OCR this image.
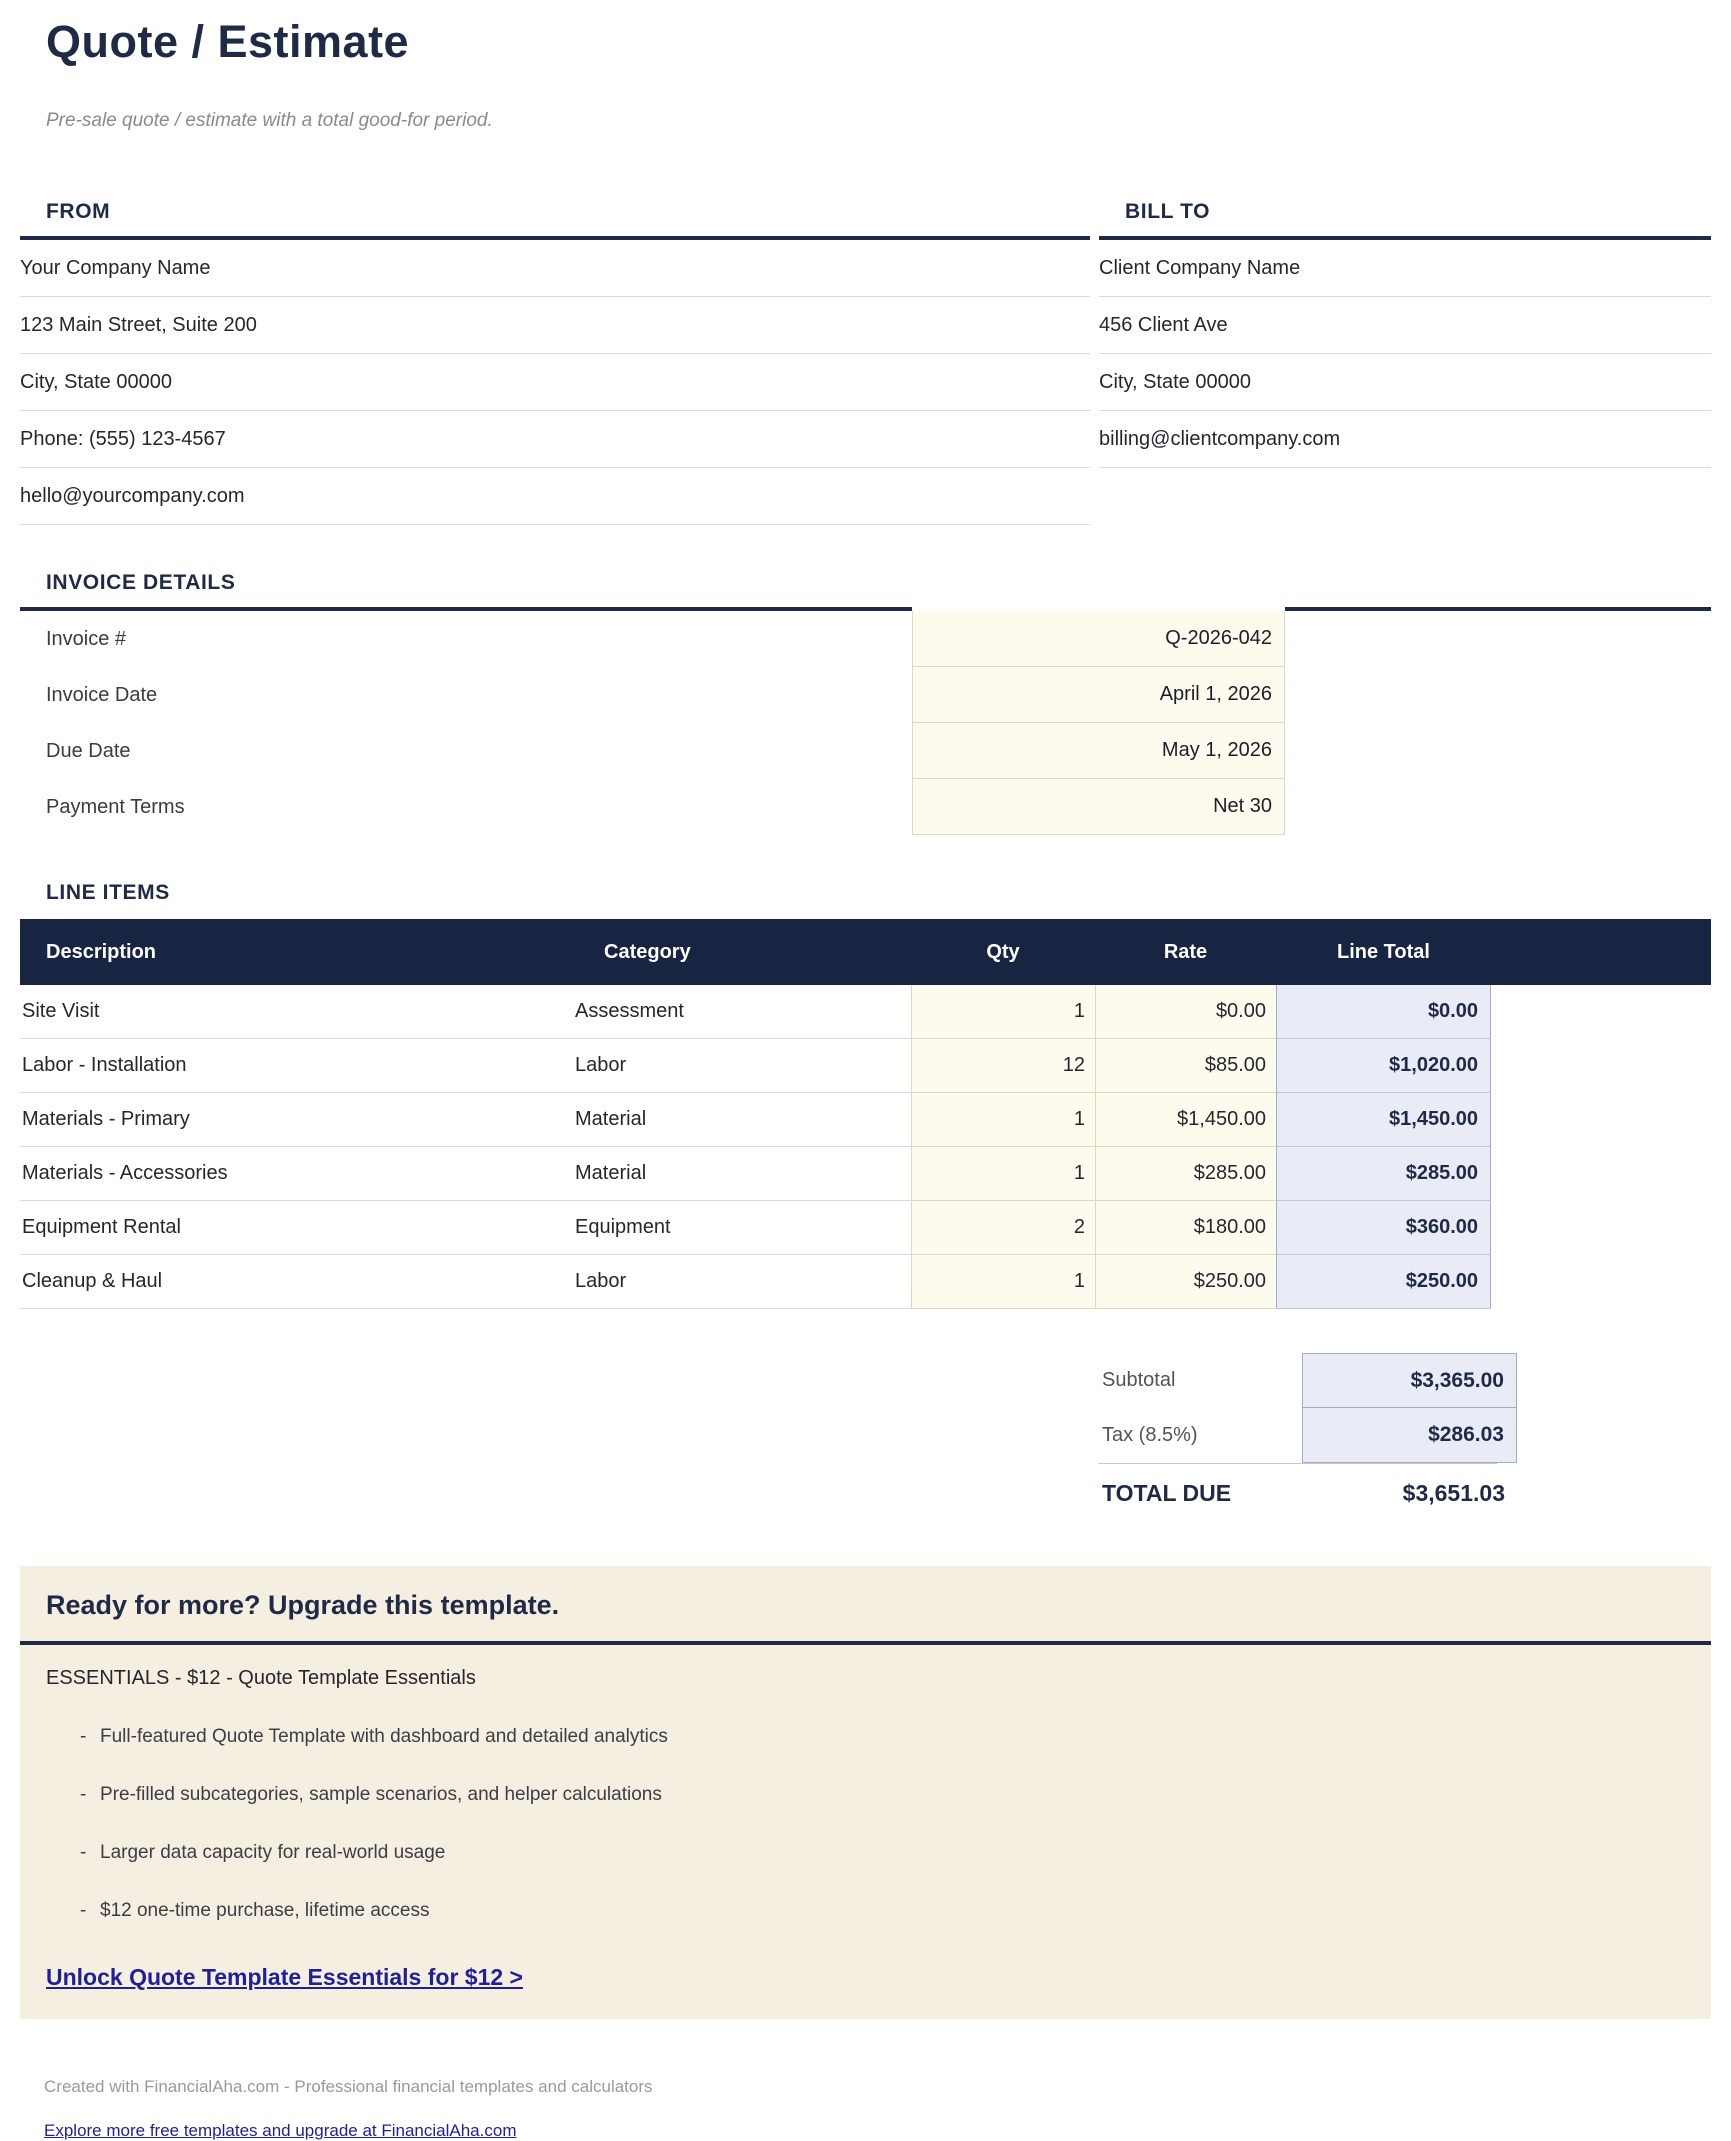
Quote / Estimate
Pre-sale quote / estimate with a total good-for period.
FROM
Your Company Name
123 Main Street, Suite 200
City, State 00000
Phone: (555) 123-4567
hello@yourcompany.com
BILL TO
Client Company Name
456 Client Ave
City, State 00000
billing@clientcompany.com
INVOICE DETAILS
Invoice #	Q-2026-042
Invoice Date	April 1, 2026
Due Date	May 1, 2026
Payment Terms	Net 30
LINE ITEMS
Description	Category	Qty	Rate	Line Total
Site Visit	Assessment	1	$0.00	$0.00
Labor - Installation	Labor	12	$85.00	$1,020.00
Materials - Primary	Material	1	$1,450.00	$1,450.00
Materials - Accessories	Material	1	$285.00	$285.00
Equipment Rental	Equipment	2	$180.00	$360.00
Cleanup & Haul	Labor	1	$250.00	$250.00
Subtotal	$3,365.00
Tax (8.5%)	$286.03
TOTAL DUE	$3,651.03
Ready for more? Upgrade this template.
ESSENTIALS - $12 - Quote Template Essentials
- Full-featured Quote Template with dashboard and detailed analytics
- Pre-filled subcategories, sample scenarios, and helper calculations
- Larger data capacity for real-world usage
- $12 one-time purchase, lifetime access
Unlock Quote Template Essentials for $12 >
Created with FinancialAha.com - Professional financial templates and calculators
Explore more free templates and upgrade at FinancialAha.com
